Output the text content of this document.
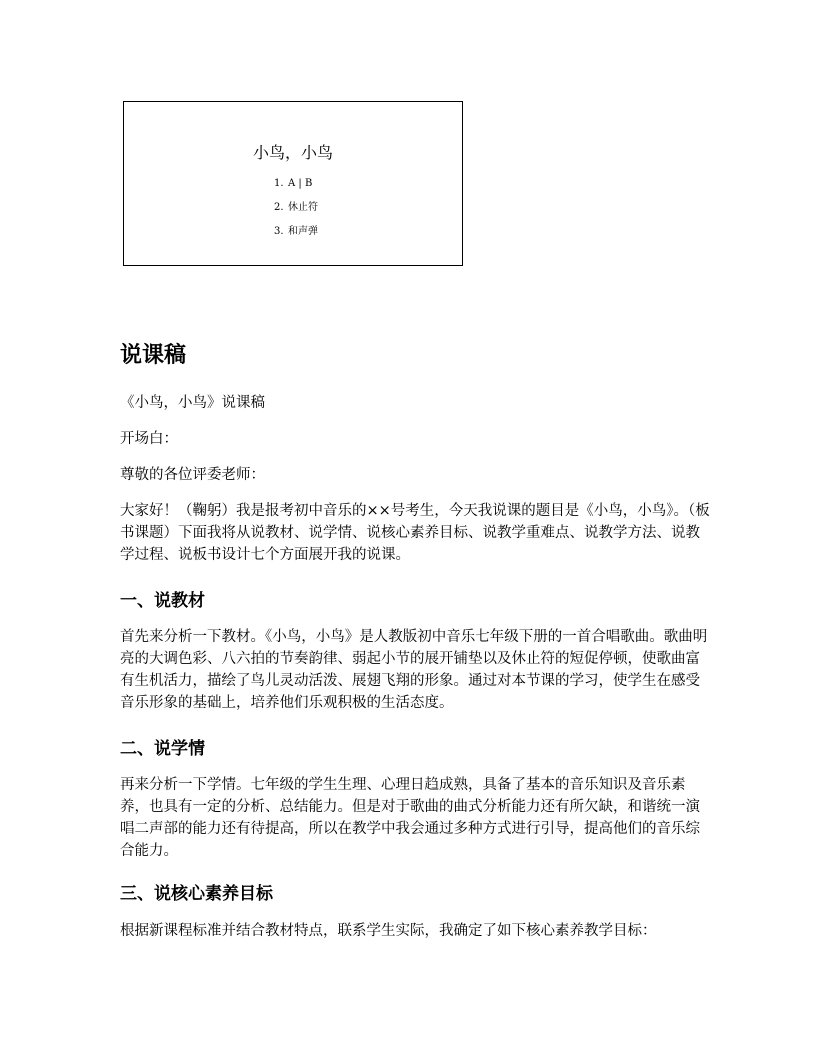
小鸟，小鸟
1. A | B
2. 休止符
3. 和声弹
说课稿

《小鸟，小鸟》说课稿

开场白：

尊敬的各位评委老师：

大家好！（鞠躬）我是报考初中音乐的××号考生，今天我说课的题目是《小鸟，小鸟》。（板书课题）下面我将从说教材、说学情、说核心素养目标、说教学重难点、说教学方法、说教学过程、说板书设计七个方面展开我的说课。

一、说教材

首先来分析一下教材。《小鸟，小鸟》是人教版初中音乐七年级下册的一首合唱歌曲。歌曲明亮的大调色彩、八六拍的节奏韵律、弱起小节的展开铺垫以及休止符的短促停顿，使歌曲富有生机活力，描绘了鸟儿灵动活泼、展翅飞翔的形象。通过对本节课的学习，使学生在感受音乐形象的基础上，培养他们乐观积极的生活态度。

二、说学情

再来分析一下学情。七年级的学生生理、心理日趋成熟，具备了基本的音乐知识及音乐素养，也具有一定的分析、总结能力。但是对于歌曲的曲式分析能力还有所欠缺，和谐统一演唱二声部的能力还有待提高，所以在教学中我会通过多种方式进行引导，提高他们的音乐综合能力。

三、说核心素养目标

根据新课程标准并结合教材特点，联系学生实际，我确定了如下核心素养教学目标：
